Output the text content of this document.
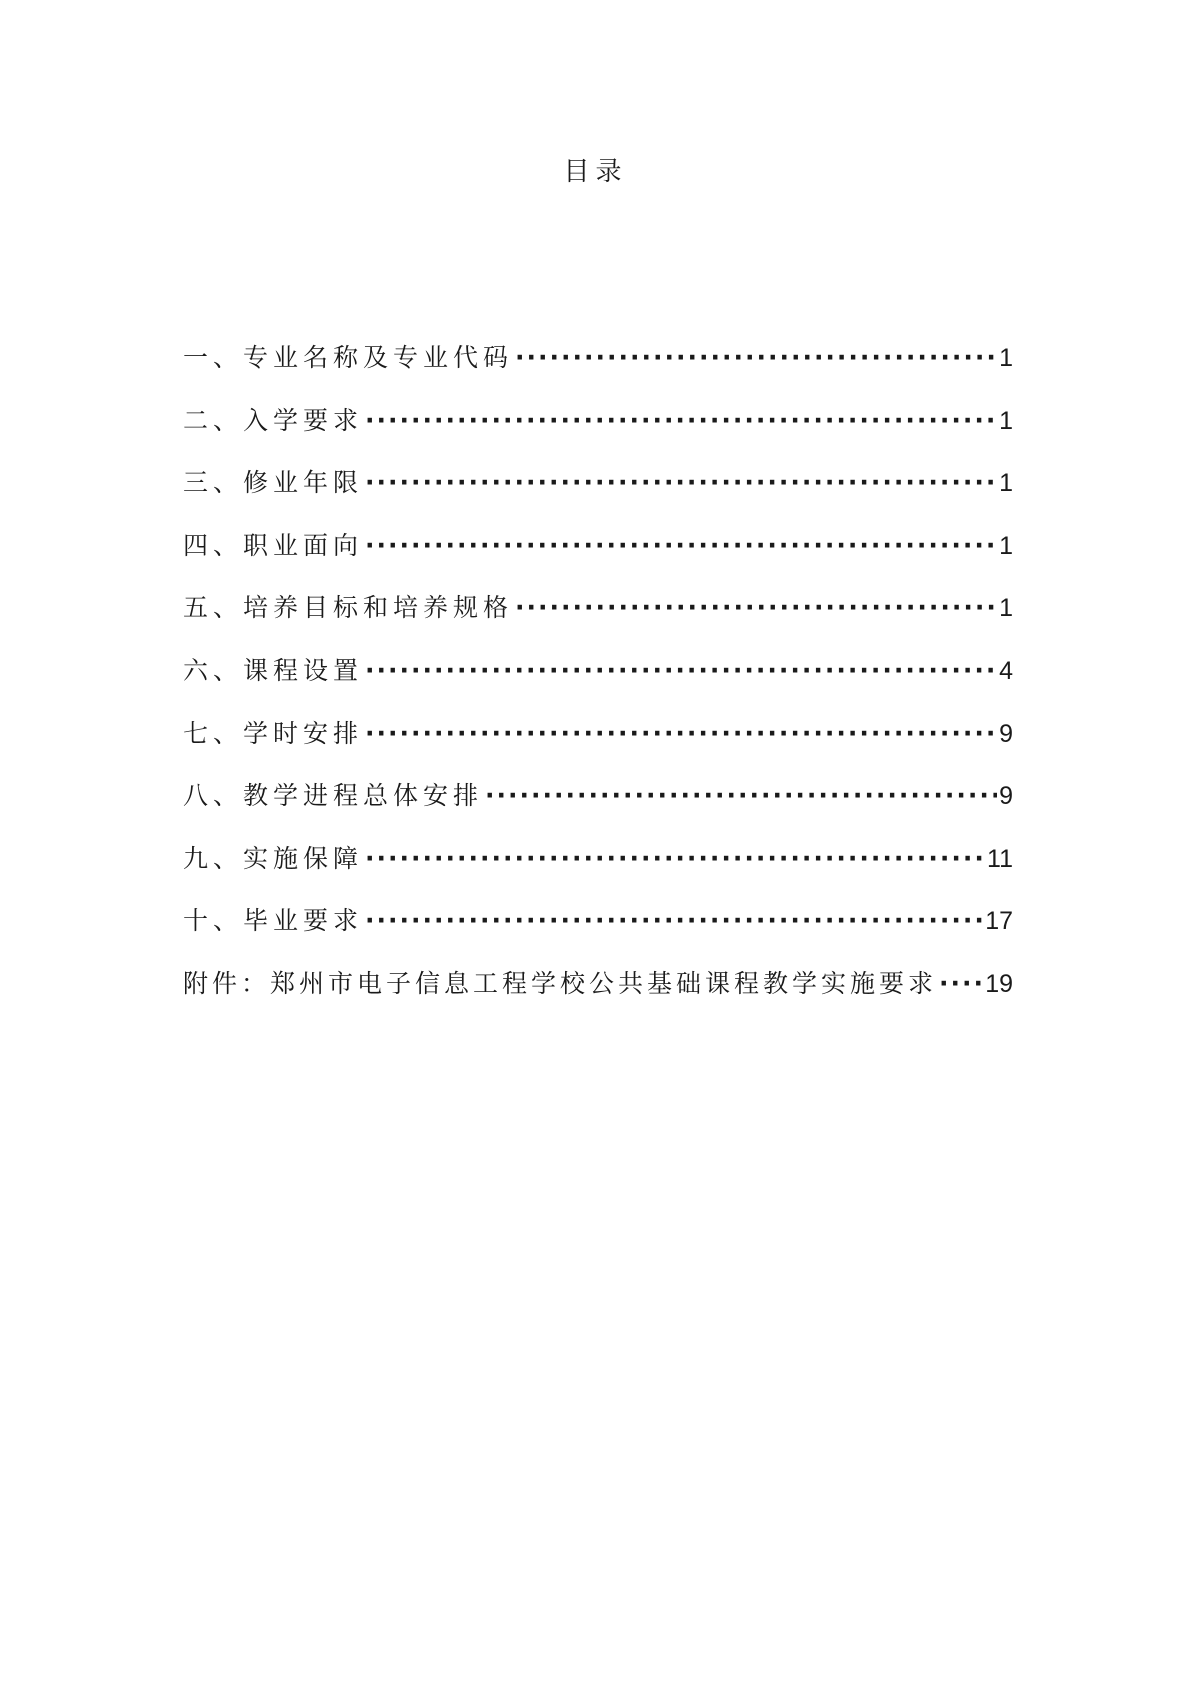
目录
一、专业名称及专业代码 ·····	1
二、入学要求 ·····	1
三、修业年限 ·····	1
四、职业面向 ·····	1
五、培养目标和培养规格 ·····	1
六、课程设置 ·····	4
七、学时安排 ·····	9
八、教学进程总体安排 ·····	9
九、实施保障 ·····	11
十、毕业要求 ·····	17
附件：郑州市电子信息工程学校公共基础课程教学实施要求 ····· 19
